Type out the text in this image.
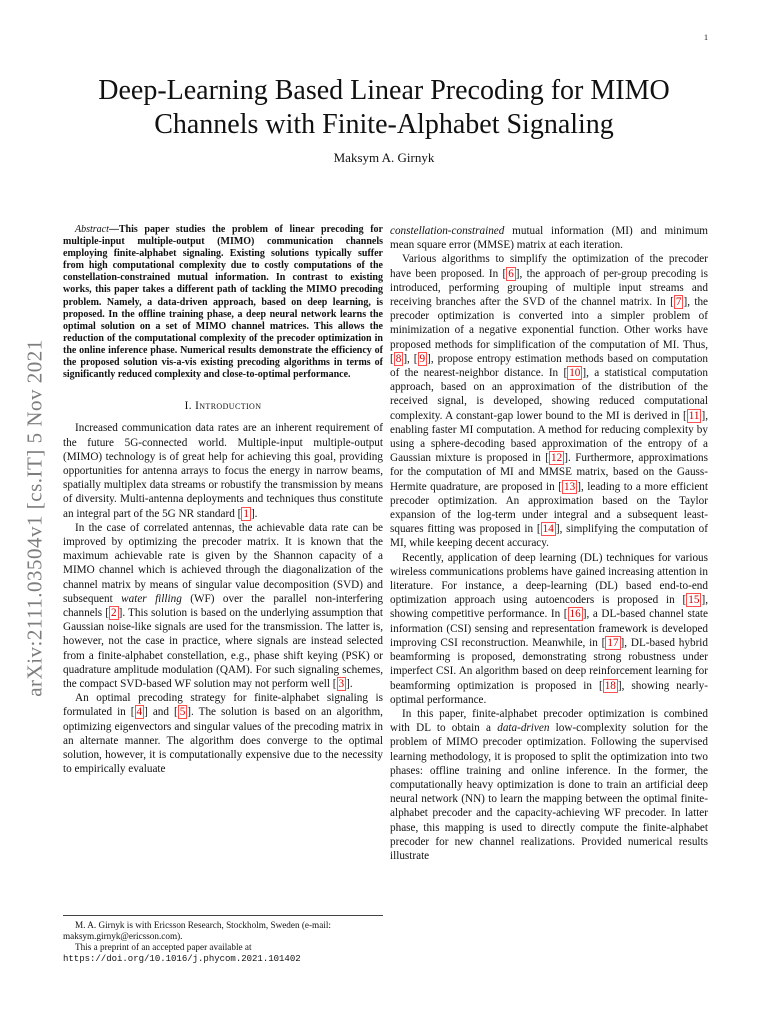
1
arXiv:2111.03504v1 [cs.IT] 5 Nov 2021
Deep-Learning Based Linear Precoding for MIMO
Channels with Finite-Alphabet Signaling
Maksym A. Girnyk

Abstract—This paper studies the problem of linear precoding for multiple-input multiple-output (MIMO) communication channels employing finite-alphabet signaling. Existing solutions typically suffer from high computational complexity due to costly computations of the constellation-constrained mutual information. In contrast to existing works, this paper takes a different path of tackling the MIMO precoding problem. Namely, a data-driven approach, based on deep learning, is proposed. In the offline training phase, a deep neural network learns the optimal solution on a set of MIMO channel matrices. This allows the reduction of the computational complexity of the precoder optimization in the online inference phase. Numerical results demonstrate the efficiency of the proposed solution vis-a-vis existing precoding algorithms in terms of significantly reduced complexity and close-to-optimal performance.

I. Introduction

Increased communication data rates are an inherent requirement of the future 5G-connected world. Multiple-input multiple-output (MIMO) technology is of great help for achieving this goal, providing opportunities for antenna arrays to focus the energy in narrow beams, spatially multiplex data streams or robustify the transmission by means of diversity. Multi-antenna deployments and techniques thus constitute an integral part of the 5G NR standard [ 1 ].

In the case of correlated antennas, the achievable data rate can be improved by optimizing the precoder matrix. It is known that the maximum achievable rate is given by the Shannon capacity of a MIMO channel which is achieved through the diagonalization of the channel matrix by means of singular value decomposition (SVD) and subsequent water filling (WF) over the parallel non-interfering channels [ 2 ]. This solution is based on the underlying assumption that Gaussian noise-like signals are used for the transmission. The latter is, however, not the case in practice, where signals are instead selected from a finite-alphabet constellation, e.g., phase shift keying (PSK) or quadrature amplitude modulation (QAM). For such signaling schemes, the compact SVD-based WF solution may not perform well [ 3 ].

An optimal precoding strategy for finite-alphabet signaling is formulated in [ 4 ] and [ 5 ]. The solution is based on an algorithm, optimizing eigenvectors and singular values of the precoding matrix in an alternate manner. The algorithm does converge to the optimal solution, however, it is computationally expensive due to the necessity to empirically evaluate

constellation-constrained mutual information (MI) and minimum mean square error (MMSE) matrix at each iteration.

Various algorithms to simplify the optimization of the precoder have been proposed. In [ 6 ], the approach of per-group precoding is introduced, performing grouping of multiple input streams and receiving branches after the SVD of the channel matrix. In [ 7 ], the precoder optimization is converted into a simpler problem of minimization of a negative exponential function. Other works have proposed methods for simplification of the computation of MI. Thus, [ 8 ], [ 9 ], propose entropy estimation methods based on computation of the nearest-neighbor distance. In [ 10 ], a statistical computation approach, based on an approximation of the distribution of the received signal, is developed, showing reduced computational complexity. A constant-gap lower bound to the MI is derived in [ 11 ], enabling faster MI computation. A method for reducing complexity by using a sphere-decoding based approximation of the entropy of a Gaussian mixture is proposed in [ 12 ]. Furthermore, approximations for the computation of MI and MMSE matrix, based on the Gauss-Hermite quadrature, are proposed in [ 13 ], leading to a more efficient precoder optimization. An approximation based on the Taylor expansion of the log-term under integral and a subsequent least-squares fitting was proposed in [ 14 ], simplifying the computation of MI, while keeping decent accuracy.

Recently, application of deep learning (DL) techniques for various wireless communications problems have gained increasing attention in literature. For instance, a deep-learning (DL) based end-to-end optimization approach using autoencoders is proposed in [ 15 ], showing competitive performance. In [ 16 ], a DL-based channel state information (CSI) sensing and representation framework is developed improving CSI reconstruction. Meanwhile, in [ 17 ], DL-based hybrid beamforming is proposed, demonstrating strong robustness under imperfect CSI. An algorithm based on deep reinforcement learning for beamforming optimization is proposed in [ 18 ], showing nearly-optimal performance.

In this paper, finite-alphabet precoder optimization is combined with DL to obtain a data-driven low-complexity solution for the problem of MIMO precoder optimization. Following the supervised learning methodology, it is proposed to split the optimization into two phases: offline training and online inference. In the former, the computationally heavy optimization is done to train an artificial deep neural network (NN) to learn the mapping between the optimal finite-alphabet precoder and the capacity-achieving WF precoder. In latter phase, this mapping is used to directly compute the finite-alphabet precoder for new channel realizations. Provided numerical results illustrate

M. A. Girnyk is with Ericsson Research, Stockholm, Sweden (e-mail: maksym.girnyk@ericsson.com).

This a preprint of an accepted paper available at

https://doi.org/10.1016/j.phycom.2021.101402
